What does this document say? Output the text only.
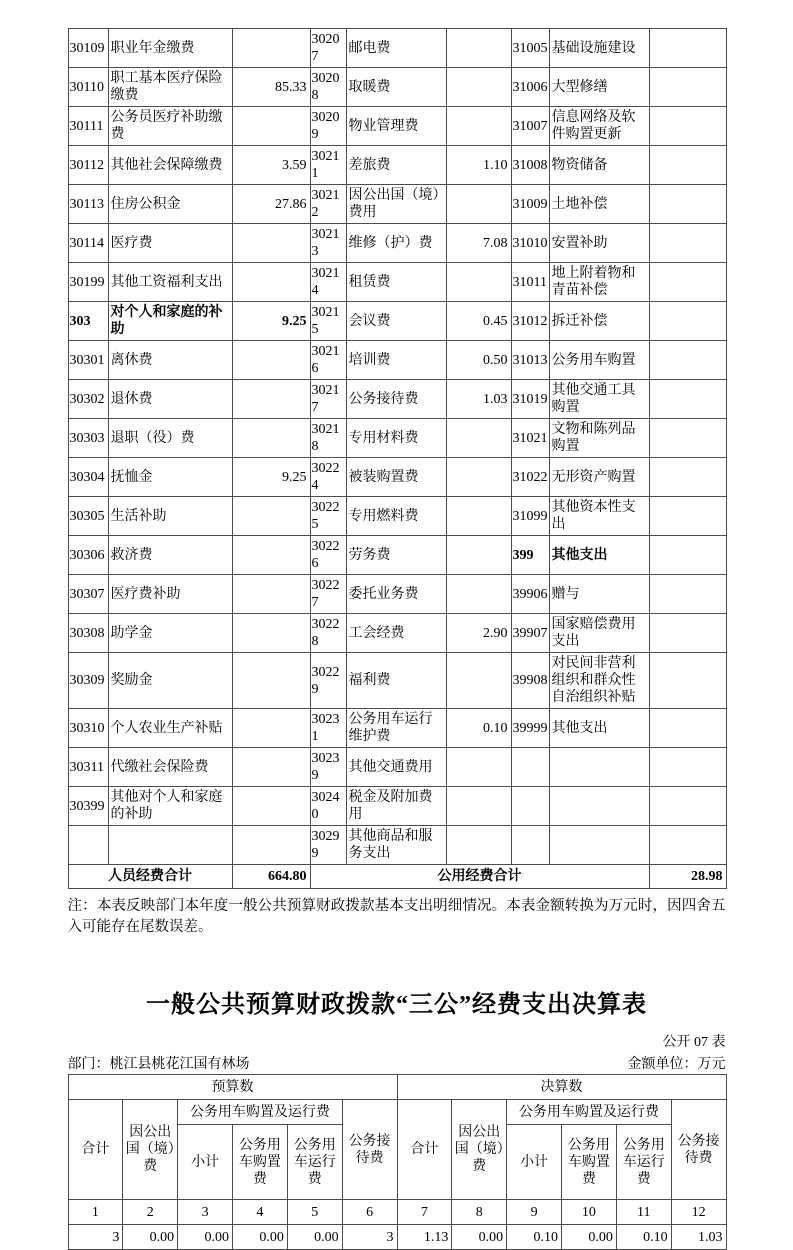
30109	职业年金缴费		30207	邮电费		31005	基础设施建设	
30110	职工基本医疗保险缴费	85.33	30208	取暖费		31006	大型修缮	
30111	公务员医疗补助缴费		30209	物业管理费		31007	信息网络及软件购置更新	
30112	其他社会保障缴费	3.59	30211	差旅费	1.10	31008	物资储备	
30113	住房公积金	27.86	30212	因公出国（境）费用		31009	土地补偿	
30114	医疗费		30213	维修（护）费	7.08	31010	安置补助	
30199	其他工资福利支出		30214	租赁费		31011	地上附着物和青苗补偿	
303	对个人和家庭的补助	9.25	30215	会议费	0.45	31012	拆迁补偿	
30301	离休费		30216	培训费	0.50	31013	公务用车购置	
30302	退休费		30217	公务接待费	1.03	31019	其他交通工具购置	
30303	退职（役）费		30218	专用材料费		31021	文物和陈列品购置	
30304	抚恤金	9.25	30224	被装购置费		31022	无形资产购置	
30305	生活补助		30225	专用燃料费		31099	其他资本性支出	
30306	救济费		30226	劳务费		399	其他支出	
30307	医疗费补助		30227	委托业务费		39906	赠与	
30308	助学金		30228	工会经费	2.90	39907	国家赔偿费用支出	
30309	奖励金		30229	福利费		39908	对民间非营利组织和群众性自治组织补贴	
30310	个人农业生产补贴		30231	公务用车运行维护费	0.10	39999	其他支出	
30311	代缴社会保险费		30239	其他交通费用				
30399	其他对个人和家庭的补助		30240	税金及附加费用				
			30299	其他商品和服务支出				
人员经费合计		664.80	公用经费合计					28.98
注：本表反映部门本年度一般公共预算财政拨款基本支出明细情况。本表金额转换为万元时，因四舍五入可能存在尾数误差。
一般公共预算财政拨款“三公”经费支出决算表
公开 07 表
部门：桃江县桃花江国有林场	金额单位：万元
预算数						决算数					
合计	因公出国（境）费	公务用车购置及运行费			公务接待费	合计	因公出国（境）费	公务用车购置及运行费			公务接待费
		小计	公务用车购置费	公务用车运行费				小计	公务用车购置费	公务用车运行费	
1	2	3	4	5	6	7	8	9	10	11	12
3	0.00	0.00	0.00	0.00	3	1.13	0.00	0.10	0.00	0.10	1.03
